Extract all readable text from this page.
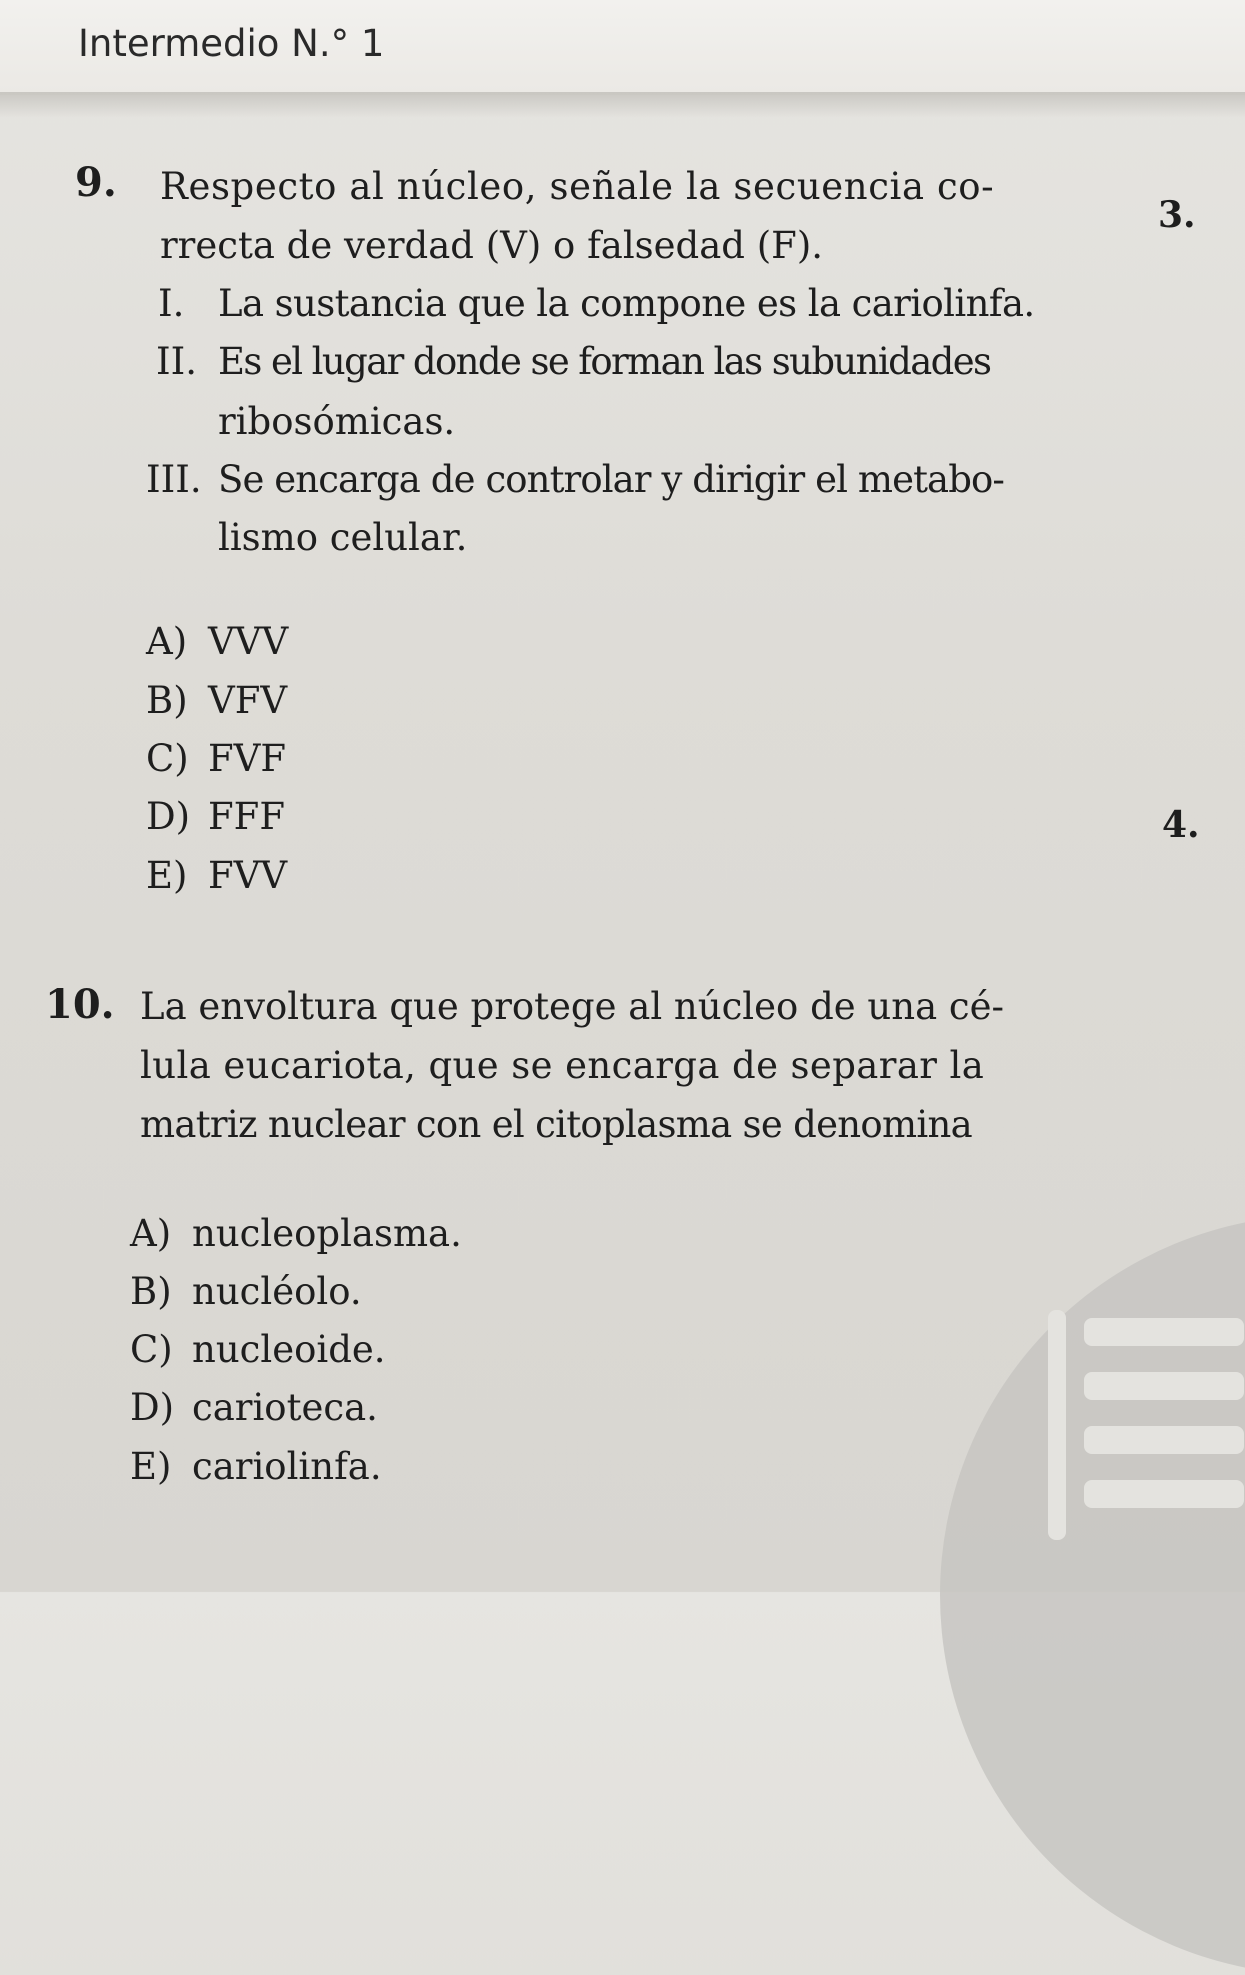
Intermedio N.° 1
9. Respecto al núcleo, señale la secuencia co-
rrecta de verdad (V) o falsedad (F).
I. La sustancia que la compone es la cariolinfa.
II. Es el lugar donde se forman las subunidades
ribosómicas.
III. Se encarga de controlar y dirigir el metabo-
lismo celular.
A) VVV
B) VFV
C) FVF
D) FFF
E) FVV
10. La envoltura que protege al núcleo de una cé-
lula eucariota, que se encarga de separar la
matriz nuclear con el citoplasma se denomina
A) nucleoplasma.
B) nucléolo.
C) nucleoide.
D) carioteca.
E) cariolinfa.
3.
4.
